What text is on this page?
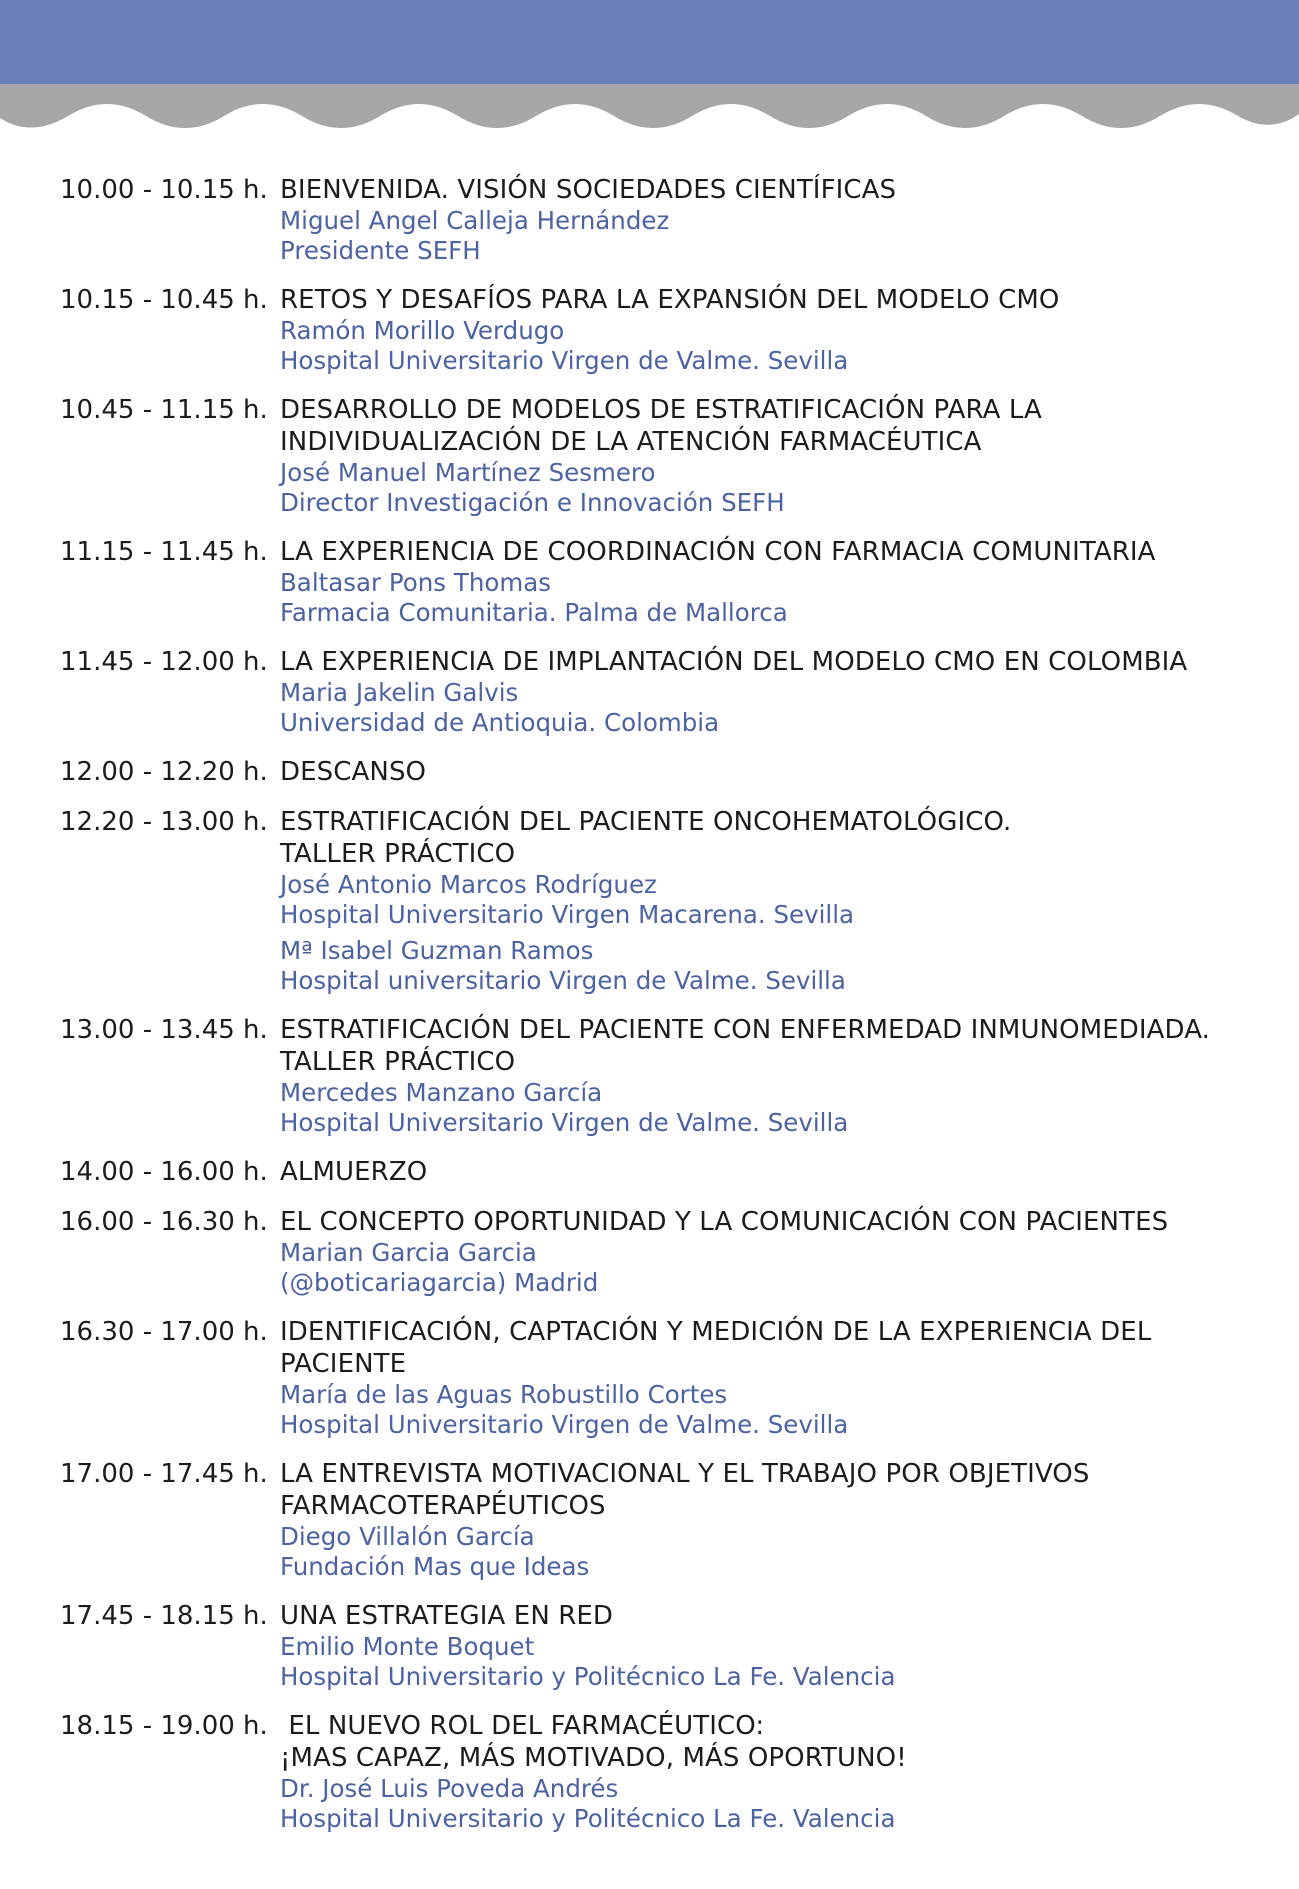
10.00 - 10.15 h. BIENVENIDA. VISIÓN SOCIEDADES CIENTÍFICAS
Miguel Angel Calleja Hernández
Presidente SEFH
10.15 - 10.45 h. RETOS Y DESAFÍOS PARA LA EXPANSIÓN DEL MODELO CMO
Ramón Morillo Verdugo
Hospital Universitario Virgen de Valme. Sevilla
10.45 - 11.15 h. DESARROLLO DE MODELOS DE ESTRATIFICACIÓN PARA LA
INDIVIDUALIZACIÓN DE LA ATENCIÓN FARMACÉUTICA
José Manuel Martínez Sesmero
Director Investigación e Innovación SEFH
11.15 - 11.45 h. LA EXPERIENCIA DE COORDINACIÓN CON FARMACIA COMUNITARIA
Baltasar Pons Thomas
Farmacia Comunitaria. Palma de Mallorca
11.45 - 12.00 h. LA EXPERIENCIA DE IMPLANTACIÓN DEL MODELO CMO EN COLOMBIA
Maria Jakelin Galvis
Universidad de Antioquia. Colombia
12.00 - 12.20 h. DESCANSO
12.20 - 13.00 h. ESTRATIFICACIÓN DEL PACIENTE ONCOHEMATOLÓGICO.
TALLER PRÁCTICO
José Antonio Marcos Rodríguez
Hospital Universitario Virgen Macarena. Sevilla
Mª Isabel Guzman Ramos
Hospital universitario Virgen de Valme. Sevilla
13.00 - 13.45 h. ESTRATIFICACIÓN DEL PACIENTE CON ENFERMEDAD INMUNOMEDIADA.
TALLER PRÁCTICO
Mercedes Manzano García
Hospital Universitario Virgen de Valme. Sevilla
14.00 - 16.00 h. ALMUERZO
16.00 - 16.30 h. EL CONCEPTO OPORTUNIDAD Y LA COMUNICACIÓN CON PACIENTES
Marian Garcia Garcia
(@boticariagarcia) Madrid
16.30 - 17.00 h. IDENTIFICACIÓN, CAPTACIÓN Y MEDICIÓN DE LA EXPERIENCIA DEL
PACIENTE
María de las Aguas Robustillo Cortes
Hospital Universitario Virgen de Valme. Sevilla
17.00 - 17.45 h. LA ENTREVISTA MOTIVACIONAL Y EL TRABAJO POR OBJETIVOS
FARMACOTERAPÉUTICOS
Diego Villalón García
Fundación Mas que Ideas
17.45 - 18.15 h. UNA ESTRATEGIA EN RED
Emilio Monte Boquet
Hospital Universitario y Politécnico La Fe. Valencia
18.15 - 19.00 h. EL NUEVO ROL DEL FARMACÉUTICO:
¡MAS CAPAZ, MÁS MOTIVADO, MÁS OPORTUNO!
Dr. José Luis Poveda Andrés
Hospital Universitario y Politécnico La Fe. Valencia
